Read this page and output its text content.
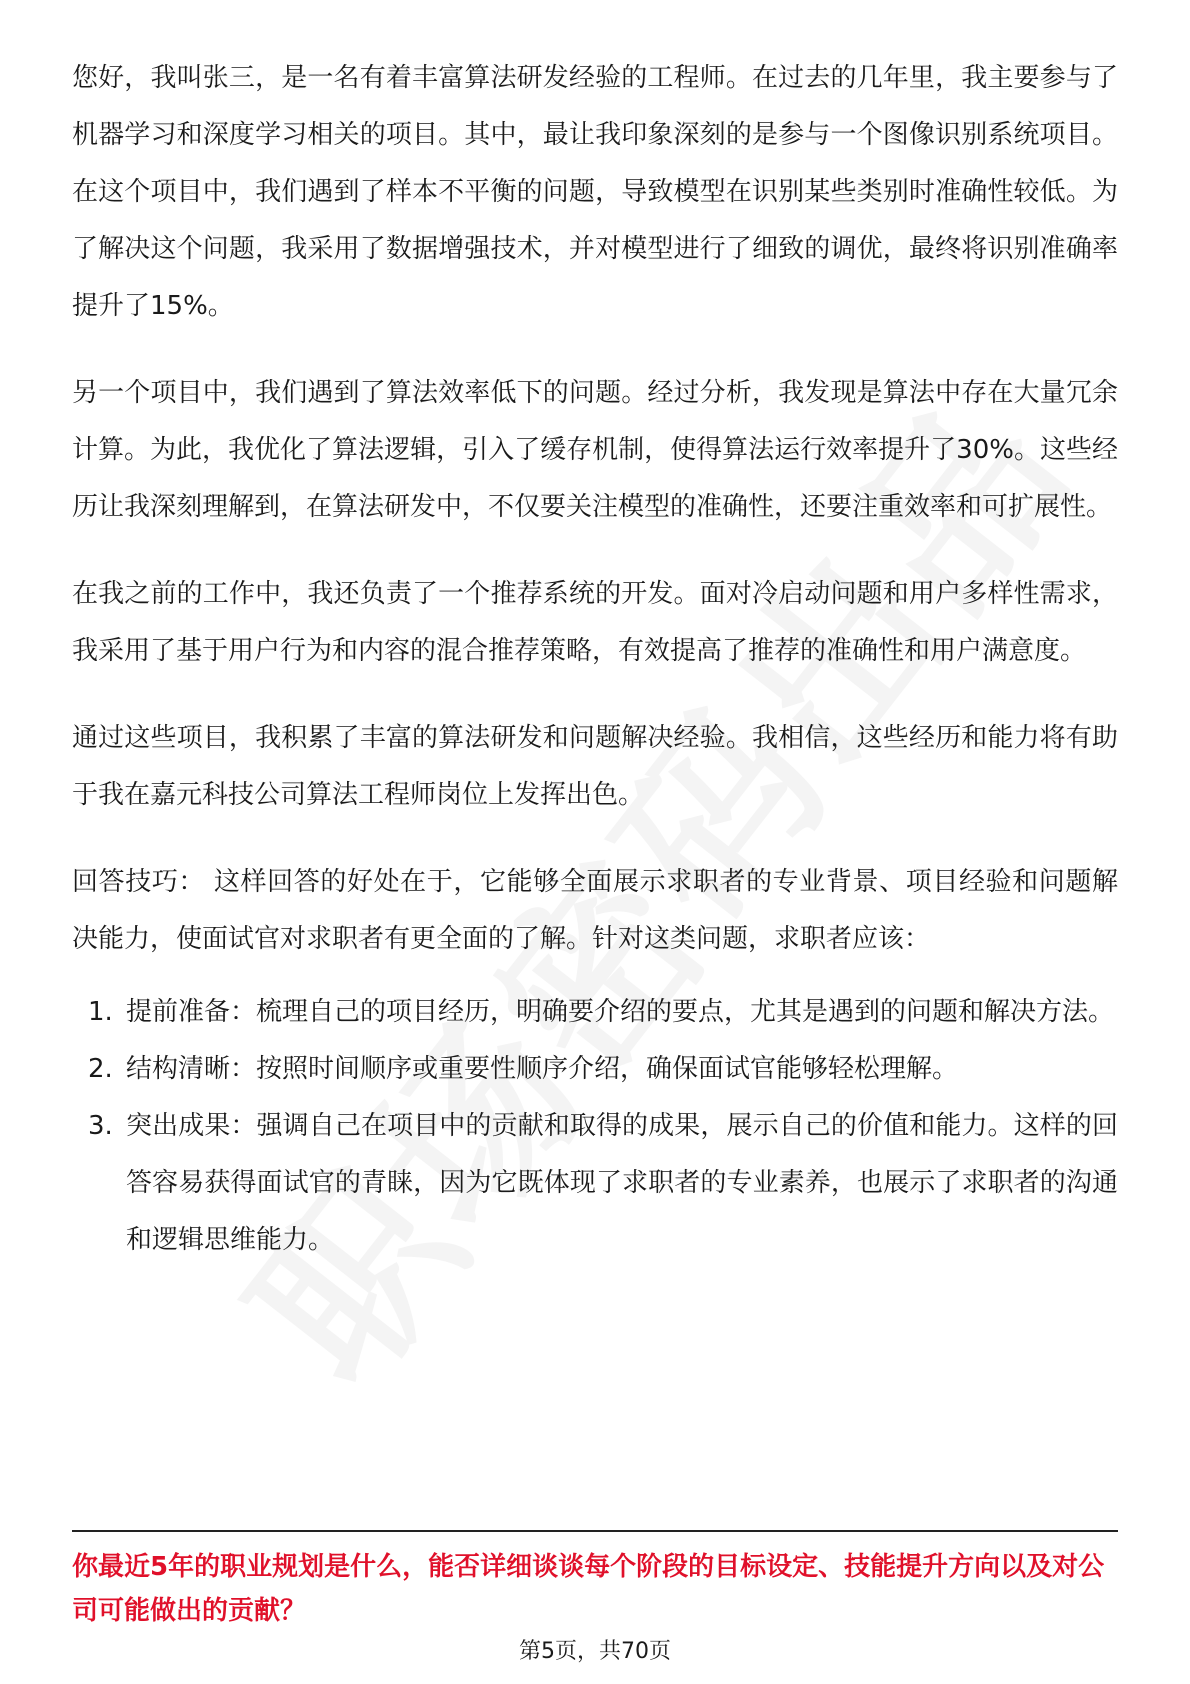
您好，我叫张三，是一名有着丰富算法研发经验的工程师。在过去的几年里，我主要参与了机器学习和深度学习相关的项目。其中，最让我印象深刻的是参与一个图像识别系统项目。在这个项目中，我们遇到了样本不平衡的问题，导致模型在识别某些类别时准确性较低。为了解决这个问题，我采用了数据增强技术，并对模型进行了细致的调优，最终将识别准确率提升了15%。

另一个项目中，我们遇到了算法效率低下的问题。经过分析，我发现是算法中存在大量冗余计算。为此，我优化了算法逻辑，引入了缓存机制，使得算法运行效率提升了30%。这些经历让我深刻理解到，在算法研发中，不仅要关注模型的准确性，还要注重效率和可扩展性。

在我之前的工作中，我还负责了一个推荐系统的开发。面对冷启动问题和用户多样性需求，我采用了基于用户行为和内容的混合推荐策略，有效提高了推荐的准确性和用户满意度。

通过这些项目，我积累了丰富的算法研发和问题解决经验。我相信，这些经历和能力将有助于我在嘉元科技公司算法工程师岗位上发挥出色。

回答技巧： 这样回答的好处在于，它能够全面展示求职者的专业背景、项目经验和问题解决能力，使面试官对求职者有更全面的了解。针对这类问题，求职者应该：

1. 提前准备：梳理自己的项目经历，明确要介绍的要点，尤其是遇到的问题和解决方法。
2. 结构清晰：按照时间顺序或重要性顺序介绍，确保面试官能够轻松理解。
3. 突出成果：强调自己在项目中的贡献和取得的成果，展示自己的价值和能力。这样的回答容易获得面试官的青睐，因为它既体现了求职者的专业素养，也展示了求职者的沟通和逻辑思维能力。
你最近5年的职业规划是什么，能否详细谈谈每个阶段的目标设定、技能提升方向以及对公司可能做出的贡献？
第5页，共70页
